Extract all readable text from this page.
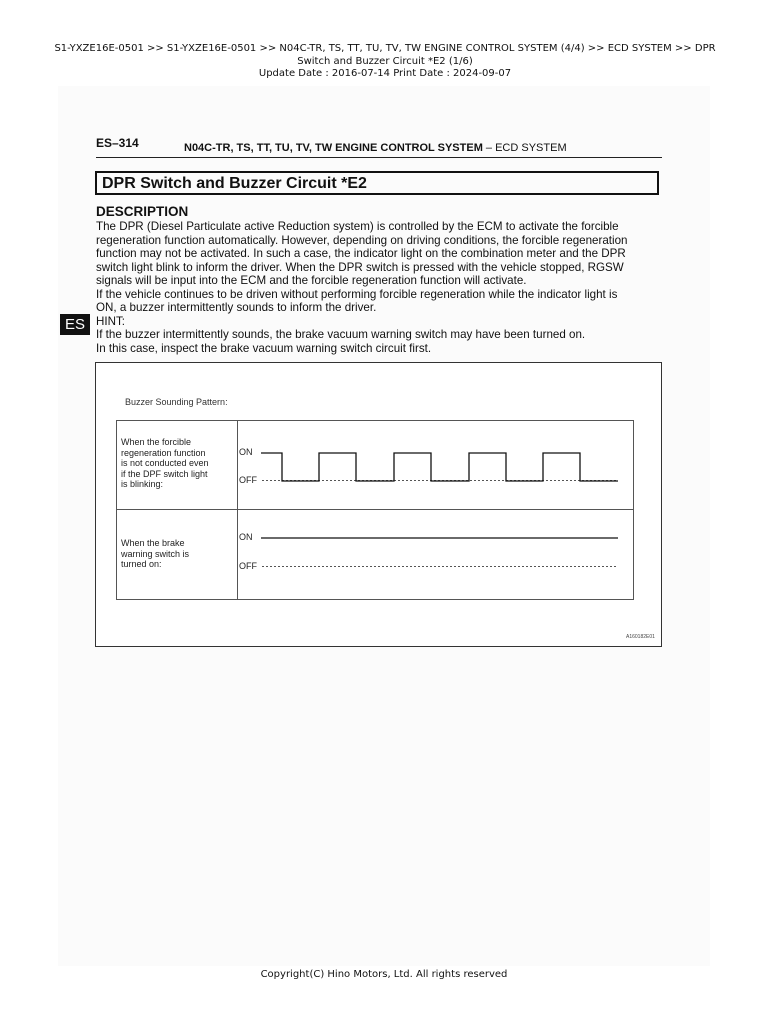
S1-YXZE16E-0501 >> S1-YXZE16E-0501 >> N04C-TR, TS, TT, TU, TV, TW ENGINE CONTROL SYSTEM (4/4) >> ECD SYSTEM >> DPR
Switch and Buzzer Circuit *E2 (1/6)
Update Date : 2016-07-14 Print Date : 2024-09-07
ES–314	N04C-TR, TS, TT, TU, TV, TW ENGINE CONTROL SYSTEM – ECD SYSTEM
DPR Switch and Buzzer Circuit *E2
DESCRIPTION
The DPR (Diesel Particulate active Reduction system) is controlled by the ECM to activate the forcible
regeneration function automatically. However, depending on driving conditions, the forcible regeneration
function may not be activated. In such a case, the indicator light on the combination meter and the DPR
switch light blink to inform the driver. When the DPR switch is pressed with the vehicle stopped, RGSW
signals will be input into the ECM and the forcible regeneration function will activate.
If the vehicle continues to be driven without performing forcible regeneration while the indicator light is
ON, a buzzer intermittently sounds to inform the driver.
HINT:
If the buzzer intermittently sounds, the brake vacuum warning switch may have been turned on.
In this case, inspect the brake vacuum warning switch circuit first.
ES
Buzzer Sounding Pattern:
When the forcible
regeneration function
is not conducted even
if the DPF switch light
is blinking:
When the brake
warning switch is
turned on:
ON
OFF
ON
OFF
A160182E01
Copyright(C) Hino Motors, Ltd. All rights reserved
